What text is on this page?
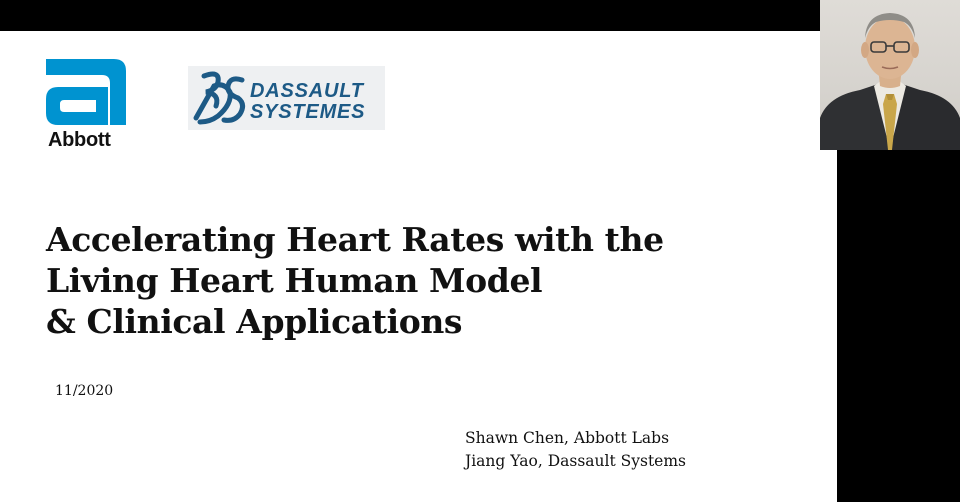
Abbott
DASSAULT
SYSTEMES
Accelerating Heart Rates with the
Living Heart Human Model
& Clinical Applications
11/2020
Shawn Chen, Abbott Labs
Jiang Yao, Dassault Systems
